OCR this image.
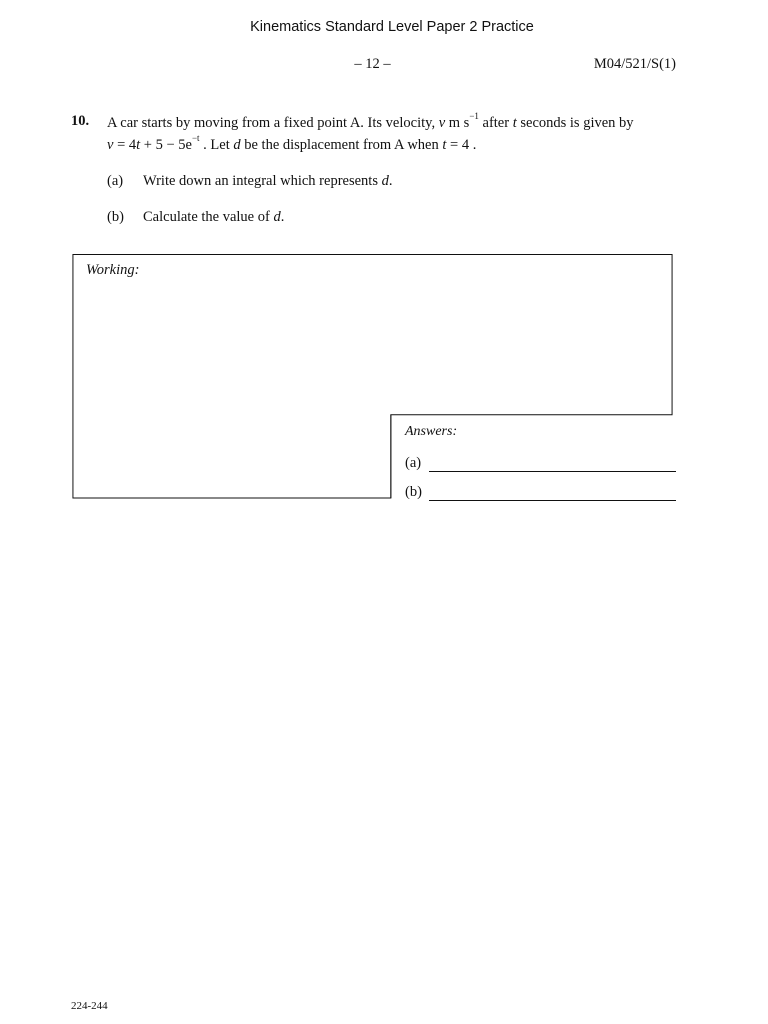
Kinematics Standard Level Paper 2 Practice
– 12 –	M04/521/S(1)
10. A car starts by moving from a fixed point A. Its velocity, v m $s^{-1}$ after t seconds is given by
$v = 4t + 5 - 5e^{-t}$ . Let d be the displacement from A when t = 4 .
(a) Write down an integral which represents d.
(b) Calculate the value of d.
Working:
Answers:
(a)
(b)
224-244
